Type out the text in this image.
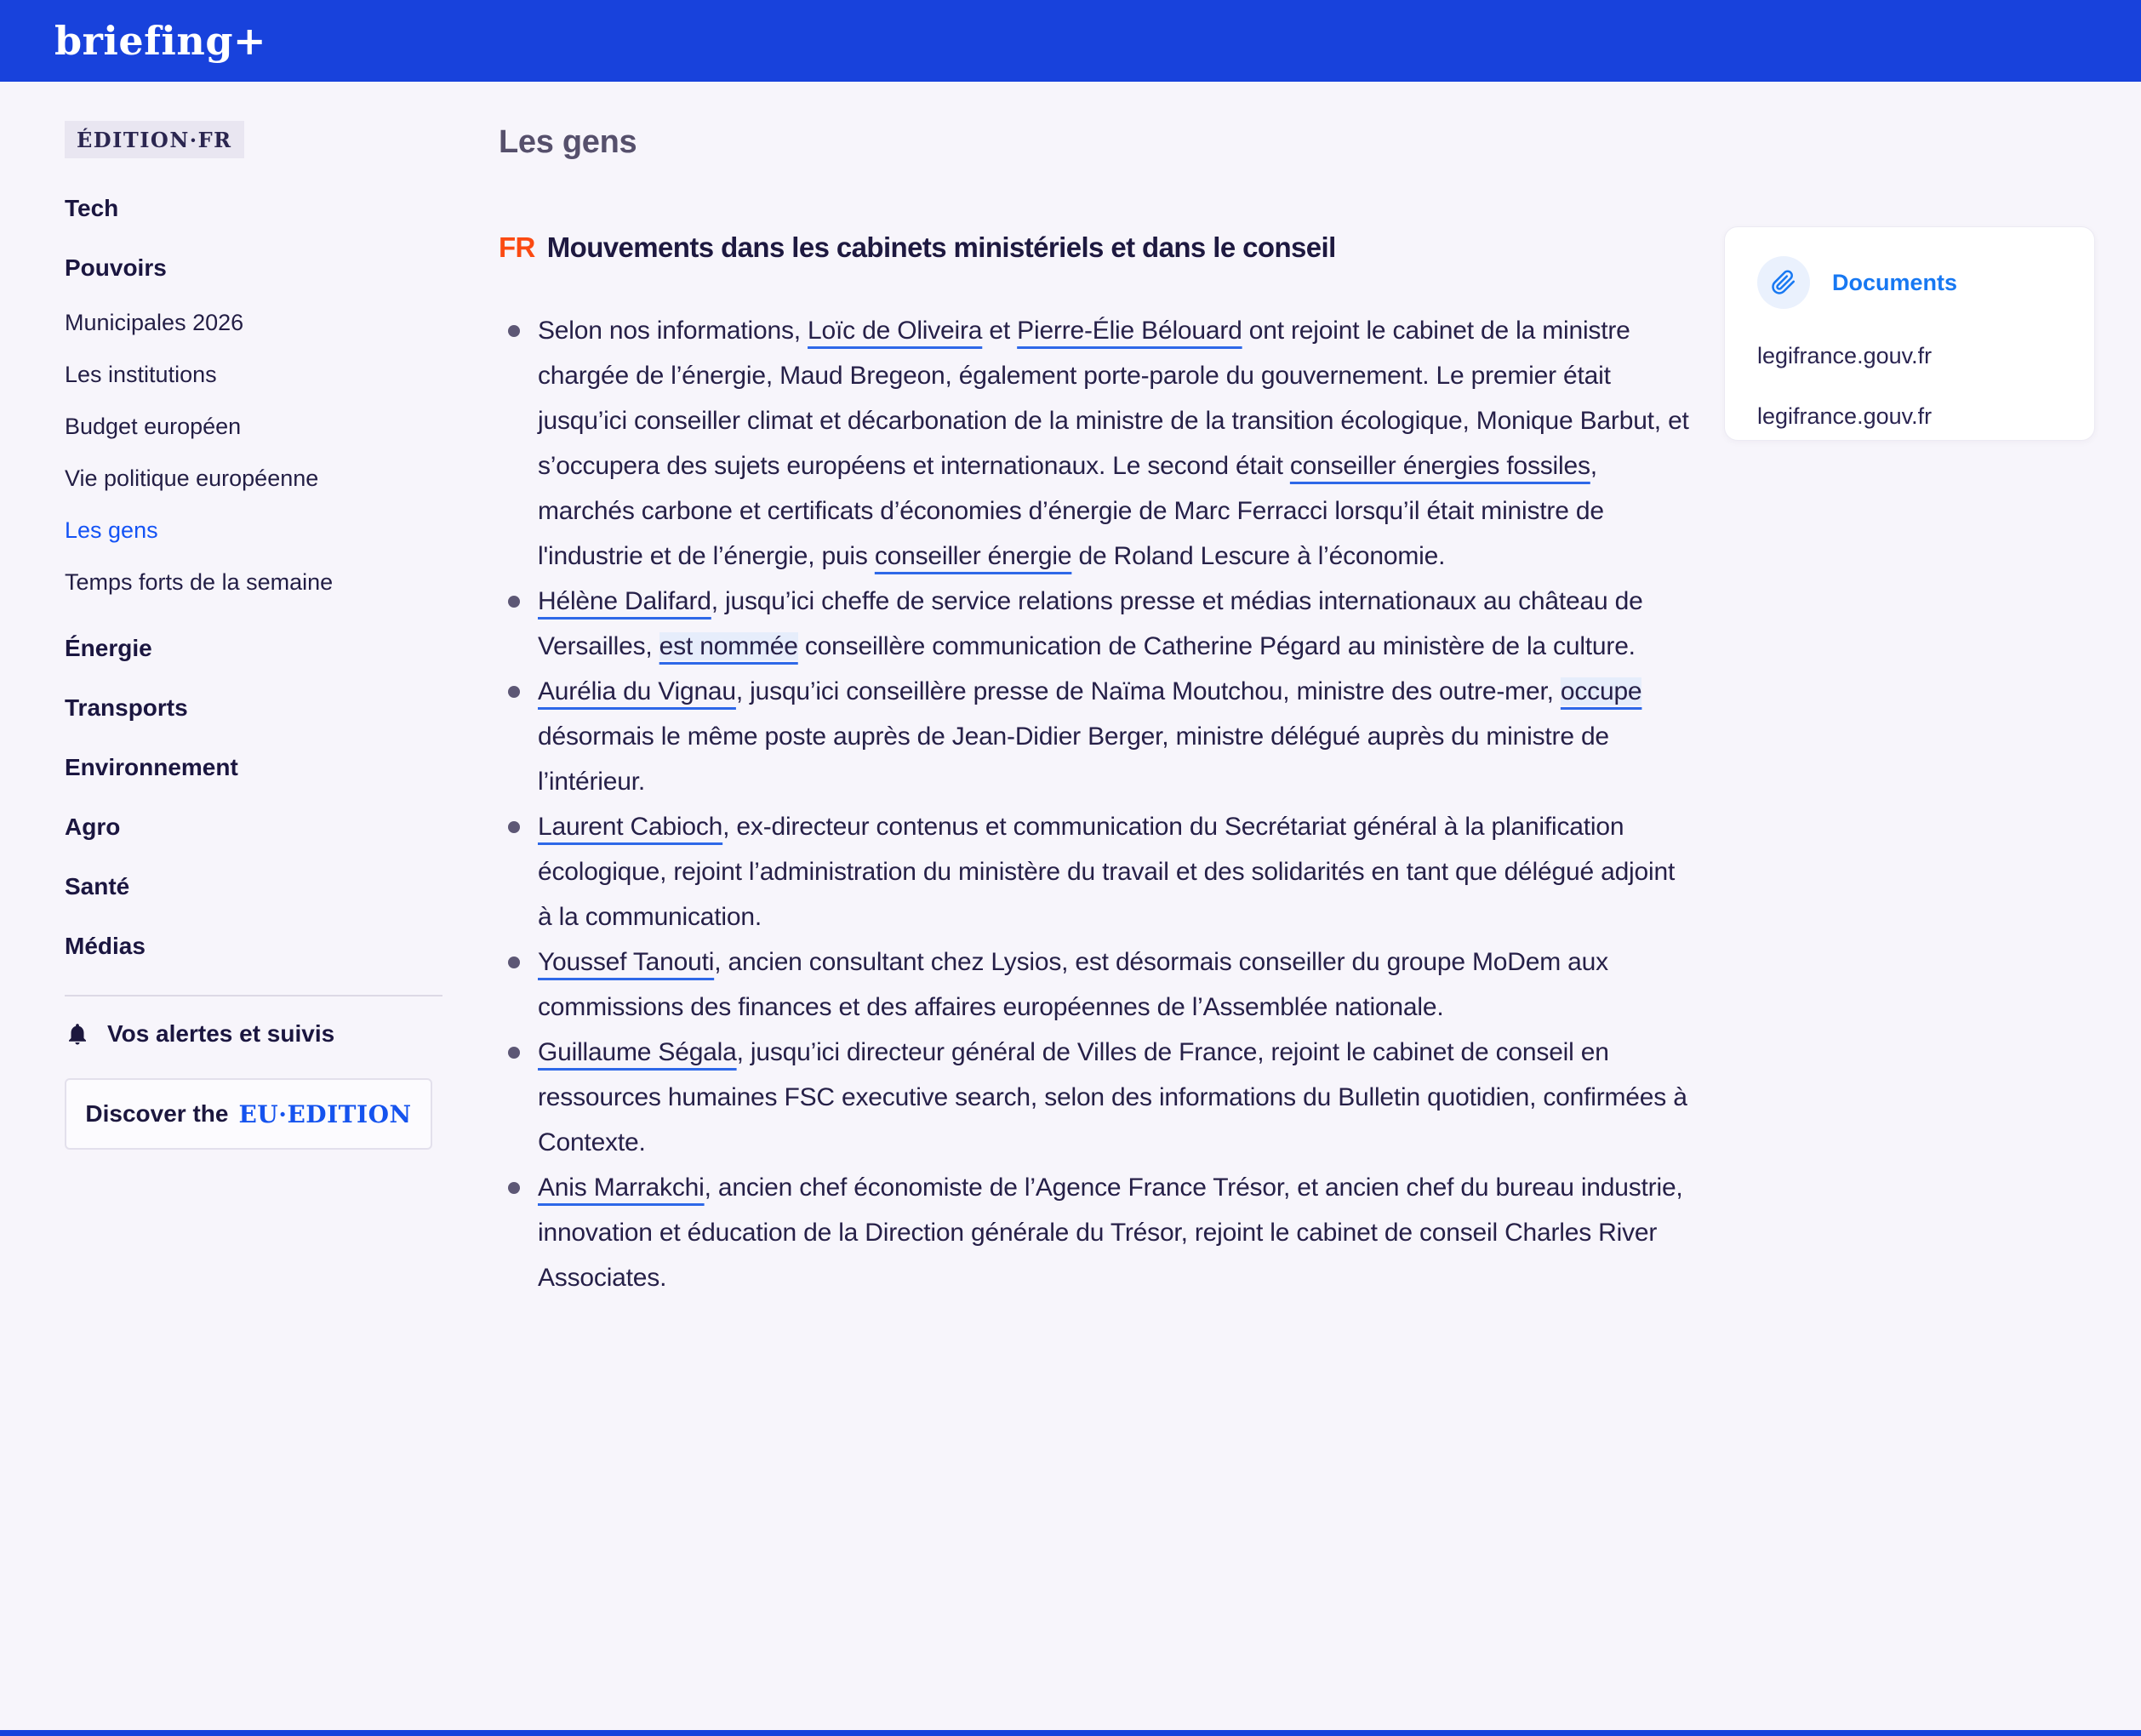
briefing+
ÉDITION·FR
Tech
Pouvoirs
Municipales 2026
Les institutions
Budget européen
Vie politique européenne
Les gens
Temps forts de la semaine
Énergie
Transports
Environnement
Agro
Santé
Médias
Vos alertes et suivis
Discover the EU·EDITION
Les gens
FR Mouvements dans les cabinets ministériels et dans le conseil
Selon nos informations, Loïc de Oliveira et Pierre-Élie Bélouard ont rejoint le cabinet de la ministre chargée de l’énergie, Maud Bregeon, également porte-parole du gouvernement. Le premier était jusqu’ici conseiller climat et décarbonation de la ministre de la transition écologique, Monique Barbut, et s’occupera des sujets européens et internationaux. Le second était conseiller énergies fossiles, marchés carbone et certificats d’économies d’énergie de Marc Ferracci lorsqu’il était ministre de l'industrie et de l’énergie, puis conseiller énergie de Roland Lescure à l’économie.
Hélène Dalifard, jusqu’ici cheffe de service relations presse et médias internationaux au château de Versailles, est nommée conseillère communication de Catherine Pégard au ministère de la culture.
Aurélia du Vignau, jusqu’ici conseillère presse de Naïma Moutchou, ministre des outre-mer, occupe désormais le même poste auprès de Jean-Didier Berger, ministre délégué auprès du ministre de l’intérieur.
Laurent Cabioch, ex-directeur contenus et communication du Secrétariat général à la planification écologique, rejoint l’administration du ministère du travail et des solidarités en tant que délégué adjoint à la communication.
Youssef Tanouti, ancien consultant chez Lysios, est désormais conseiller du groupe MoDem aux commissions des finances et des affaires européennes de l’Assemblée nationale.
Guillaume Ségala, jusqu’ici directeur général de Villes de France, rejoint le cabinet de conseil en ressources humaines FSC executive search, selon des informations du Bulletin quotidien, confirmées à Contexte.
Anis Marrakchi, ancien chef économiste de l’Agence France Trésor, et ancien chef du bureau industrie, innovation et éducation de la Direction générale du Trésor, rejoint le cabinet de conseil Charles River Associates.
Documents
legifrance.gouv.fr
legifrance.gouv.fr
